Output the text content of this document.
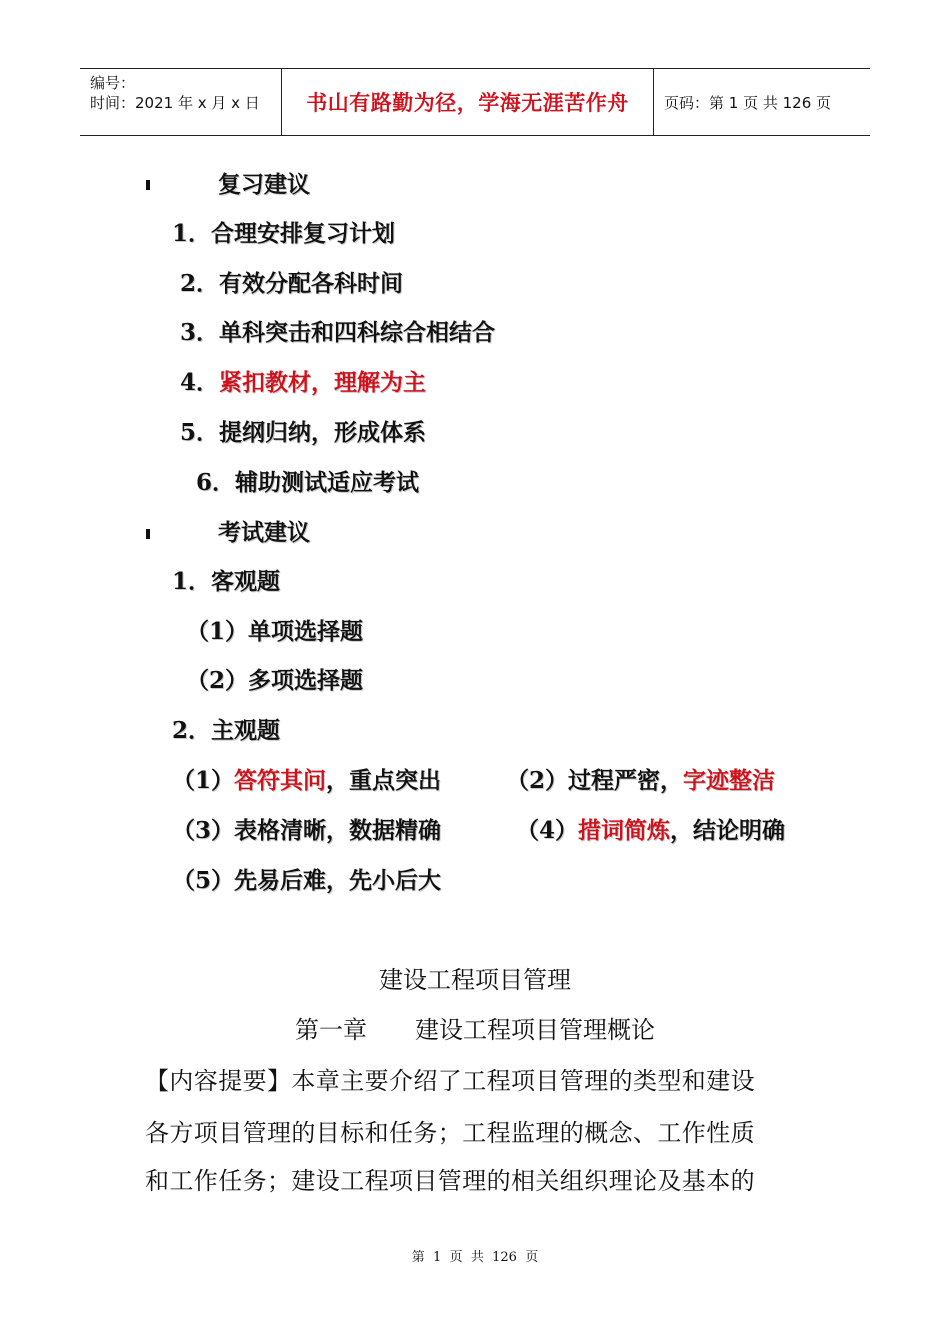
编号：
时间：2021 年 x 月 x 日	书山有路勤为径，学海无涯苦作舟	页码：第 1 页 共 126 页
复习建议
1．合理安排复习计划
2．有效分配各科时间
3．单科突击和四科综合相结合
4．紧扣教材，理解为主
5．提纲归纳，形成体系
6．辅助测试适应考试
考试建议
1．客观题
（1）单项选择题
（2）多项选择题
2．主观题
（1）答符其问，重点突出	（2）过程严密，字迹整洁
（3）表格清晰，数据精确	（4）措词简炼，结论明确
（5）先易后难，先小后大
建设工程项目管理
第一章　　建设工程项目管理概论
【内容提要】本章主要介绍了工程项目管理的类型和建设
各方项目管理的目标和任务；工程监理的概念、工作性质
和工作任务；建设工程项目管理的相关组织理论及基本的
第  1  页  共  126  页
